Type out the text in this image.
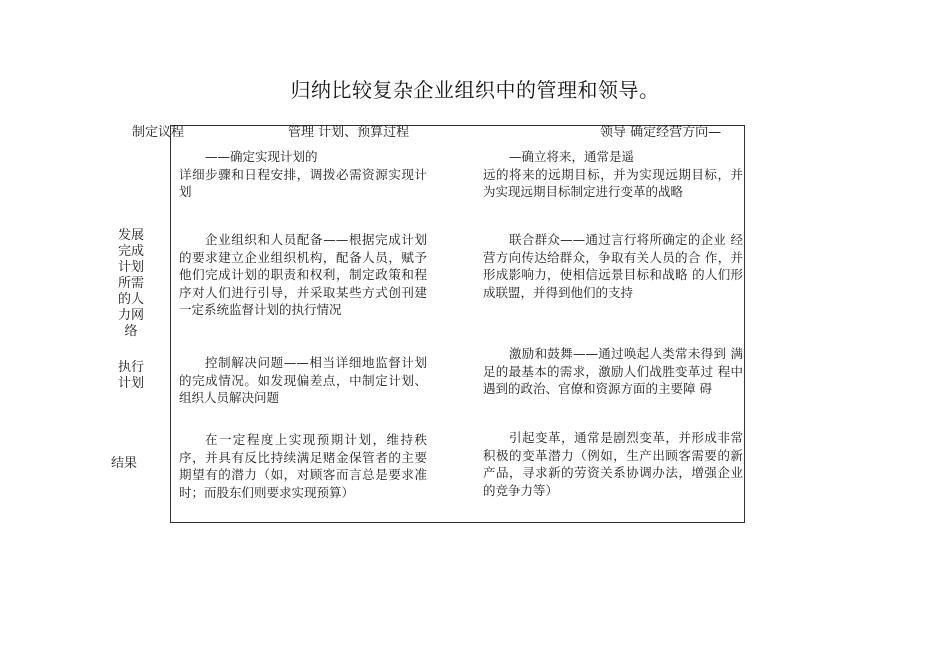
归纳比较复杂企业组织中的管理和领导。
制定议程	管理 计划、预算过程	领导 确定经营方向—
发展完成计划所需的人力网络
执行计划
结果

——确定实现计划的

详细步骤和日程安排，调拨必需资源实现计划

企业组织和人员配备——根据完成计划的要求建立企业组织机构，配备人员，赋予他们完成计划的职责和权利，制定政策和程序对人们进行引导，并采取某些方式创刊建一定系统监督计划的执行情况

控制解决问题——相当详细地监督计划的完成情况。如发现偏差点，中制定计划、组织人员解决问题

在一定程度上实现预期计划，维持秩序，并具有反比持续满足赌金保管者的主要期望有的潜力（如，对顾客而言总是要求准时；而股东们则要求实现预算）

—确立将来，通常是遥

远的将来的远期目标，并为实现远期目标，并为实现远期目标制定进行变革的战略

联合群众——通过言行将所确定的企业 经营方向传达给群众，争取有关人员的合 作，并形成影响力，使相信远景目标和战略 的人们形成联盟，并得到他们的支持

激励和鼓舞——通过唤起人类常未得到 满足的最基本的需求，激励人们战胜变革过 程中遇到的政治、官僚和资源方面的主要障 碍

引起变革，通常是剧烈变革，并形成非常积极的变革潜力（例如，生产出顾客需要的新产品，寻求新的劳资关系协调办法，增强企业的竞争力等）
